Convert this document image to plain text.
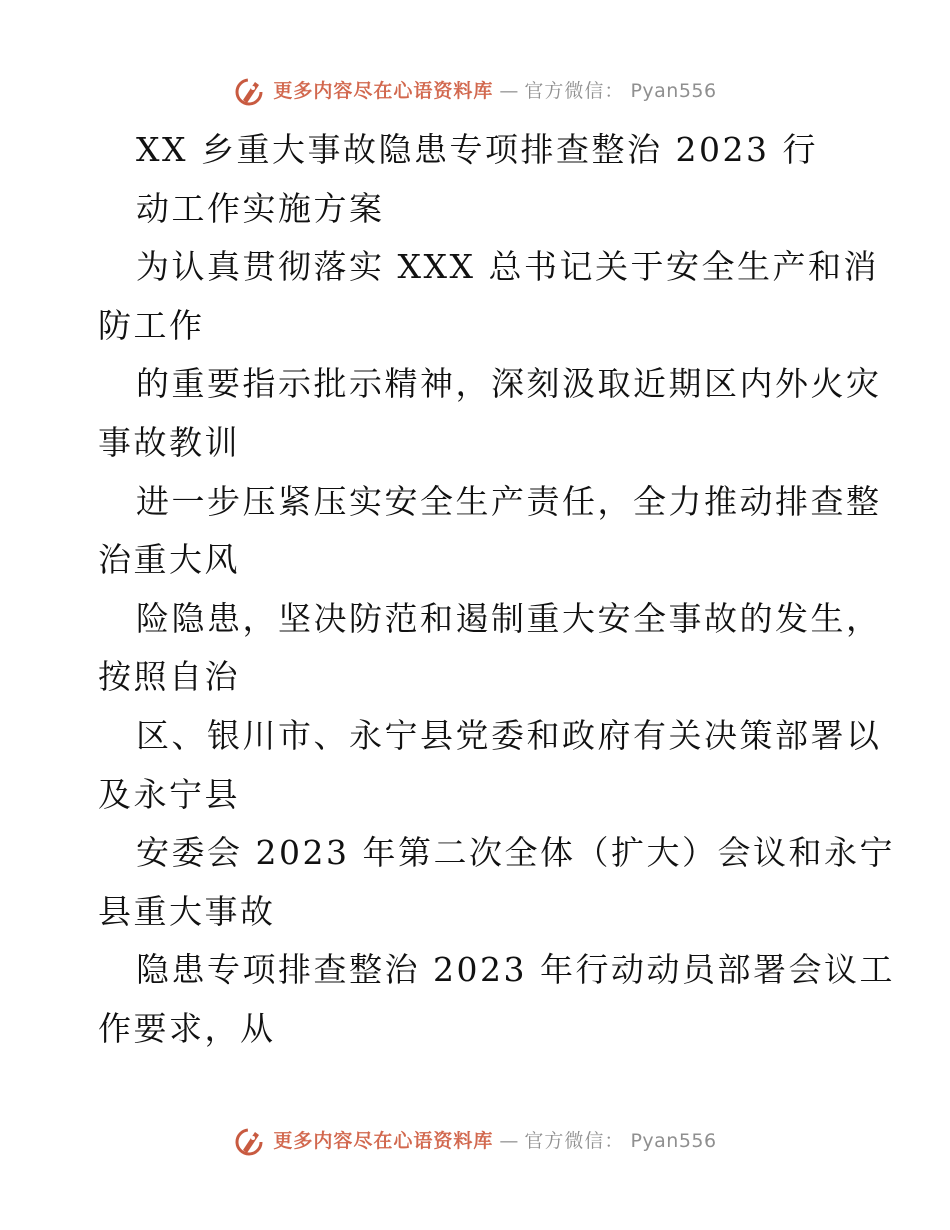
更多内容尽在心语资料库 — 官方微信： Pyan556
XX 乡重大事故隐患专项排查整治 2023 行
动工作实施方案
为认真贯彻落实 XXX 总书记关于安全生产和消
防工作
的重要指示批示精神，深刻汲取近期区内外火灾
事故教训
进一步压紧压实安全生产责任，全力推动排查整
治重大风
险隐患，坚决防范和遏制重大安全事故的发生，
按照自治
区、银川市、永宁县党委和政府有关决策部署以
及永宁县
安委会 2023 年第二次全体（扩大）会议和永宁
县重大事故
隐患专项排查整治 2023 年行动动员部署会议工
作要求，从
更多内容尽在心语资料库 — 官方微信： Pyan556
